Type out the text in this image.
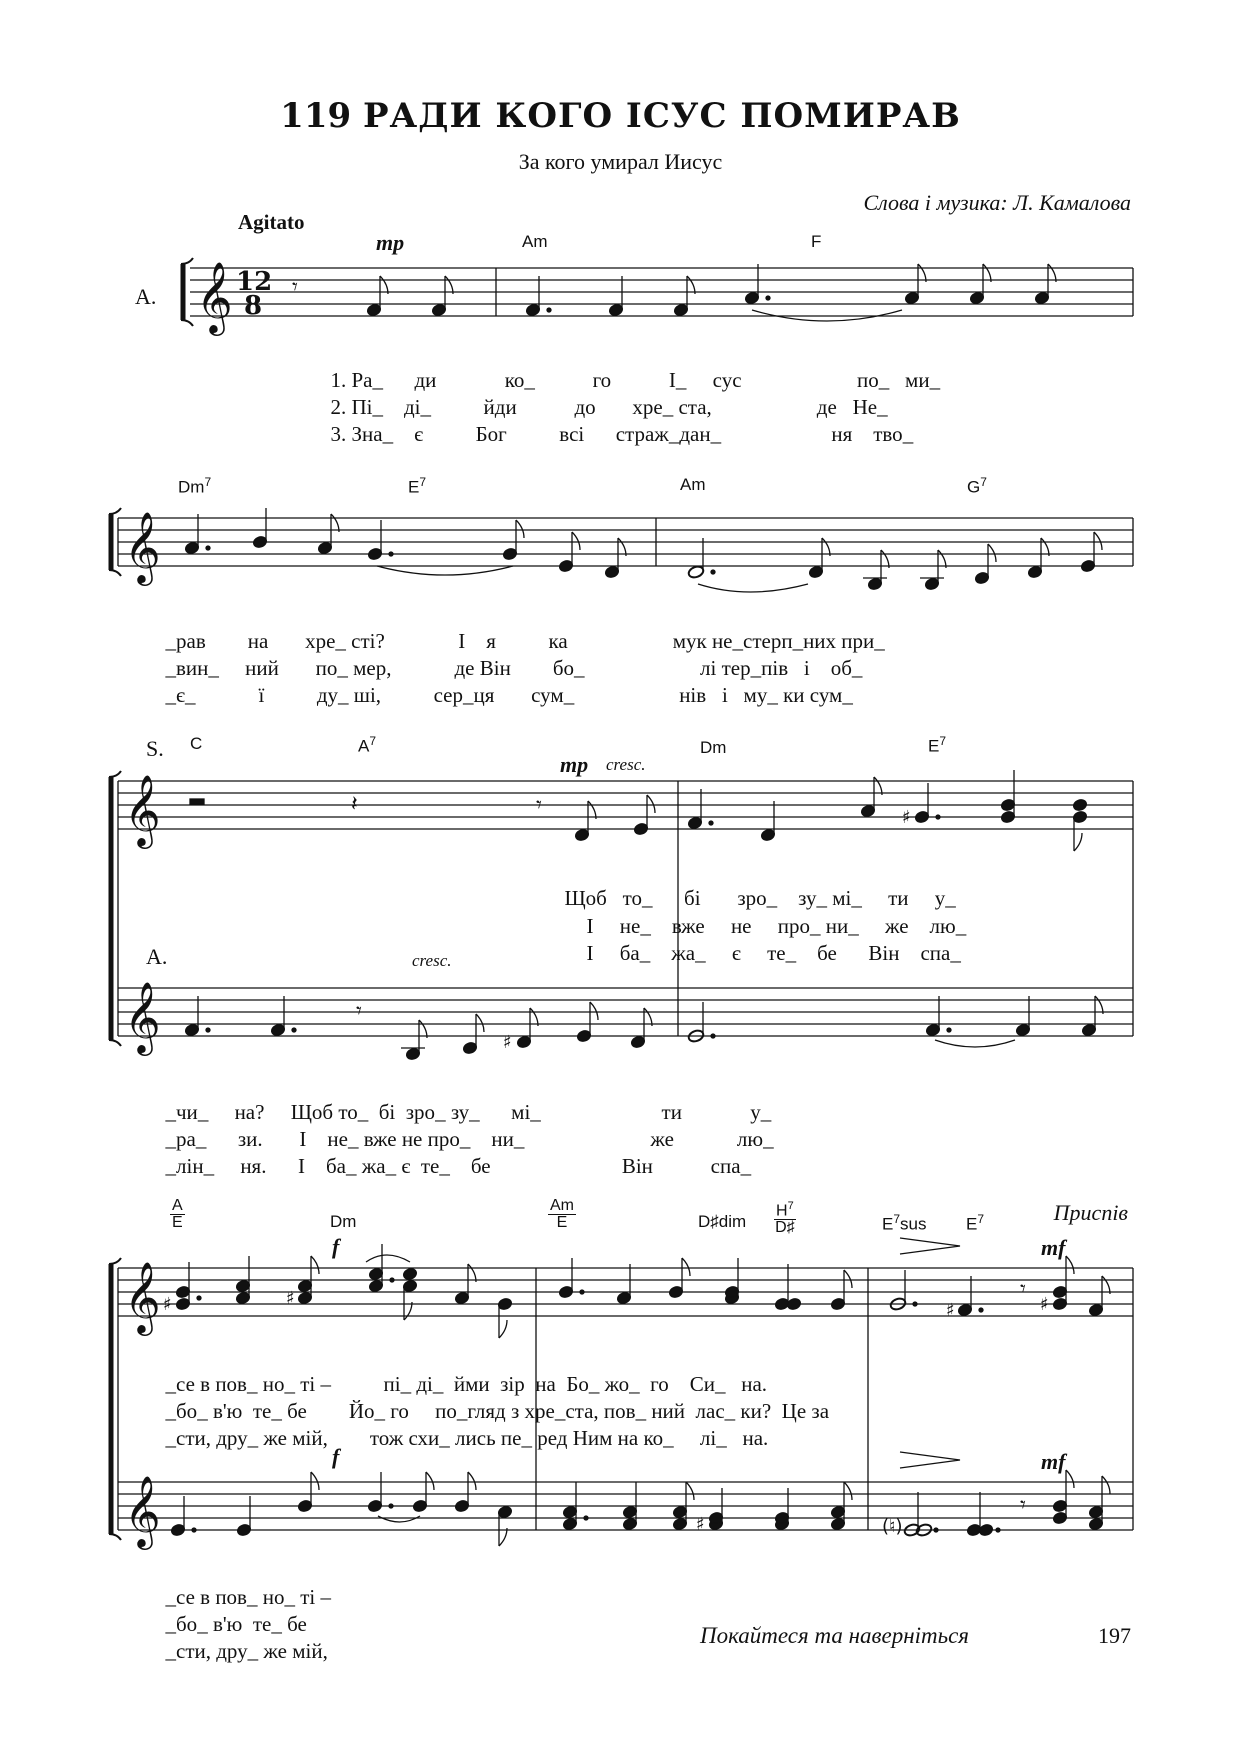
119 РАДИ КОГО ІСУС ПОМИРАВ
За кого умирал Иисус
Слова і музика: Л. Камалова
Agitato
A.
mp	Am	F
𝄞
𝄞
𝄞
𝄞
𝄞
𝄞
12
8
𝄾
𝄽	𝄾	♯
𝄾
♯
♯	♯
♯
𝄾
♯
♯	(♮)
𝄾

1. Ра_      ди	ко_           го	І_     сус	по_   ми_

2. Пі_    ді_          йди	до хре_ ста,	де Не_

3. Зна_    є	Бог	всі страж_дан_                     ня тво_

Dm$^7$	$E^7$	Am	$G^7$

_рав на хре_ сті?	І я	ка	мук не_стерп_них при_

_вин_     ний по_ мер,	де Він бо_                      лі тер_пів і об_

_є_            ї	ду_ ші,	сер_ця сум_                    нів і му_ ки сум_

S. C	$A^7$	Dm	$E^7$
mp cresc.

Щоб то_      бі зро_    зу_ мі_     ти у_

І не_    вже не про_ ни_     же лю_

І ба_    жа_     є те_    бе Він спа_

A.	cresc.

_чи_     на? Щоб то_  бі зро_ зу_      мі_                       ти	у_

_ра_      зи. І не_ вже не про_    ни_                        же	лю_

_лін_     ня. І ба_ жа_ є те_    бе	Він	спа_

A
E	Dm
Am
E	D♯dim
$H^7$
D♯	$E^7sus$ $E^7$	Приспів
f	mf

_се в пов_ но_ ті –	пі_ ді_  йми зір на Бо_ жо_  го Си_   на.

_бо_ в'ю те_ бе Йо_ го по_гляд з хре_ста, пов_ ний лас_ ки? Це за

_сти, дру_ же мій, тож схи_ лись пе_ ред Ним на ко_     лі_   на.

f	mf

_се в пов_ но_ ті –

_бо_ в'ю те_ бе

_сти, дру_ же мій,

Покайтеся та наверніться	197
